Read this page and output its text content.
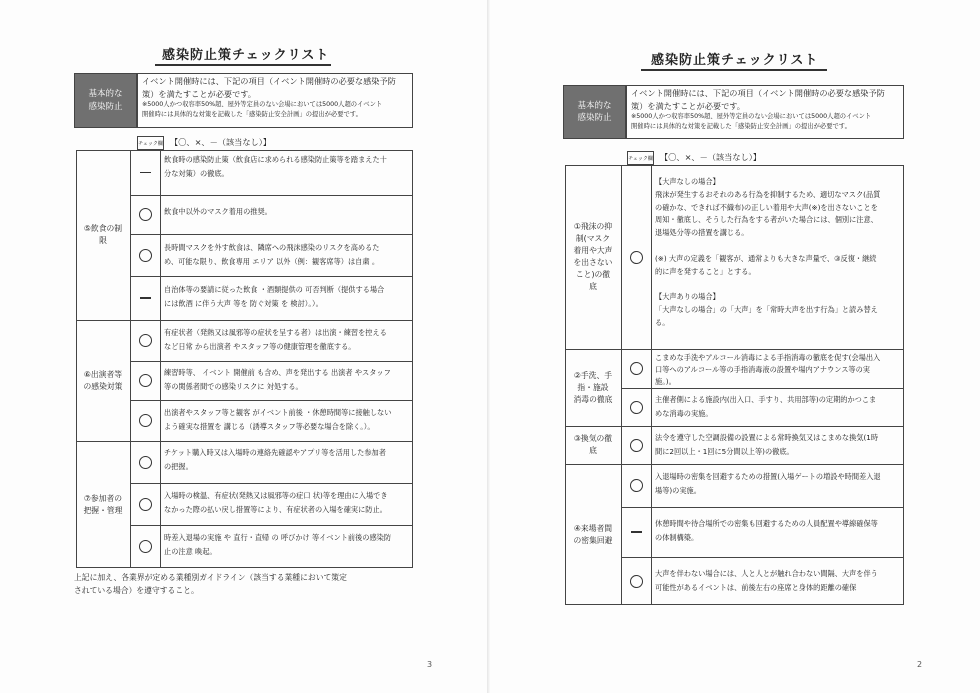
感染防止策チェックリスト
基本的な
感染防止
イベント開催時には、下記の項目（イベント開催時の必要な感染予防
策）を満たすことが必要です。
※5000人かつ収容率50%超、屋外等定員のない会場においては5000人超のイベント
開催時には具体的な対策を記載した「感染防止安全計画」の提出が必要です。
チェック欄 【〇、×、－（該当なし）】
⑤飲食の制
限
飲食時の感染防止策（飲食店に求められる感染防止策等を踏まえた十
分な対策）の徹底。
飲食中以外のマスク着用の推奨。
長時間マスクを外す飲食は、隣席への飛沫感染のリスクを高めるた
め、可能な限り、飲食専用 エリア 以外（例：観客席等）は自粛 。
自治体等の要請に従った飲食 ・酒類提供の 可否判断（提供する場合
には飲酒 に伴う大声 等を 防ぐ対策 を 検討）。）。
⑥出演者等
の感染対策
有症状者（発熱又は風邪等の症状を呈する者）は出演・練習を控える
など日常 から出演者 やスタッフ等の健康管理を徹底する。
練習時等、 イベント 開催前 も含め、声を発出する 出演者 やスタッフ
等の関係者間での感染リスクに 対処する。
出演者やスタッフ等と観客 がイベント前後 ・休憩時間等に接触しない
よう確実な措置を 講じる（誘導スタッフ等必要な場合を除く。）。
⑦参加者の
把握・管理
チケット購入時又は入場時の連絡先確認やアプリ等を活用した参加者
の把握。
入場時の検温、有症状(発熱又は風邪等の症口 状)等を理由に入場でき
なかった際の払い戻し措置等により、有症状者の入場を確実に防止。
時差入退場の実施 や 直行・直帰 の 呼びかけ 等イベント前後の感染防
止の注意 喚起。
上記に加え、各業界が定める業種別ガイドライン（該当する業種において策定
されている場合）を遵守すること。
3
感染防止策チェックリスト
基本的な
感染防止
イベント開催時には、下記の項目（イベント開催時の必要な感染予防
策）を満たすことが必要です。
※5000人かつ収容率50%超、屋外等定員のない会場においては5000人超のイベント
開催時には具体的な対策を記載した「感染防止安全計画」の提出が必要です。
チェック欄 【〇、×、－（該当なし）】
①飛沫の抑
制(マスク
着用や大声
を出さない
こと)の徹
底
【大声なしの場合】
飛沫が発生するおそれのある行為を抑制するため、適切なマスク(品質
の確かな、できれば不織布)の正しい着用や大声(※)を出さないことを
周知・徹底し、そうした行為をする者がいた場合には、個別に注意、
退場処分等の措置を講じる。

(※) 大声の定義を「観客が、通常よりも大きな声量で、③反復・継続
的に声を発すること」とする。

【大声ありの場合】
「大声なしの場合」の「大声」を「常時大声を出す行為」と読み替え
る。
②手洗、手
指・施設
消毒の徹底
こまめな手洗やアルコール消毒による手指消毒の徹底を促す(会場出入
口等へのアルコール等の手指消毒液の設置や場内アナウンス等の実
施。)。
主催者側による施設内(出入口、手すり、共用部等)の定期的かつこま
めな消毒の実施。
③換気の徹
底
法令を遵守した空調設備の設置による常時換気又はこまめな換気(1時
間に2回以上・1回に5分間以上等)の徹底。
④来場者間
の密集回避
入退場時の密集を回避するための措置(入場ゲートの増設や時間差入退
場等)の実施。
休憩時間や待合場所での密集も回避するための人員配置や導線確保等
の体制構築。
大声を伴わない場合には、人と人とが触れ合わない間隔、大声を伴う
可能性があるイベントは、前後左右の座席と身体的距離の確保
2
